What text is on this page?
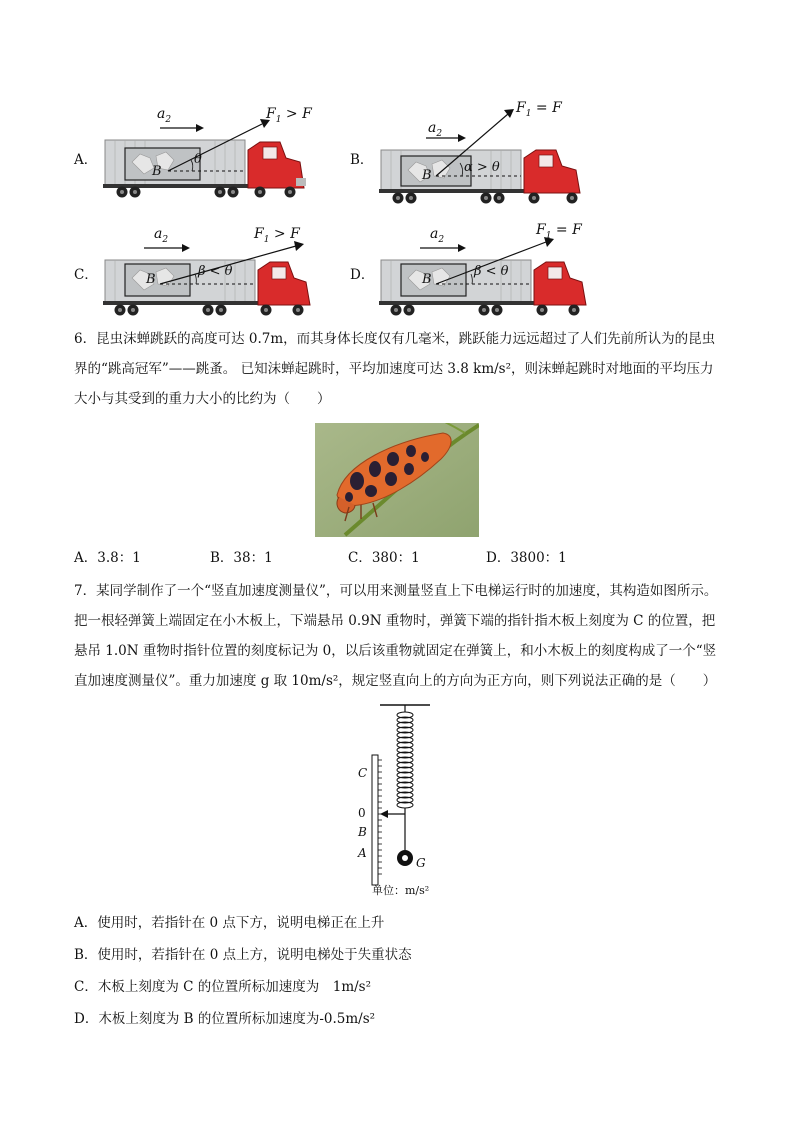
A．
$a_2$	$F_1 > F$
θ
B
B．
$a_2$
$F_1 = F$
α > θ
B
C．
$a_2$	$F_1 > F$
β < θ
B	D．
$a_2$
$F_1 = F$
β < θ
B
6．昆虫沫蝉跳跃的高度可达 0.7m，而其身体长度仅有几毫米，跳跃能力远远超过了人们先前所认为的昆虫
界的“跳高冠军”——跳蚤。 已知沫蝉起跳时，平均加速度可达 3.8 km/s²，则沫蝉起跳时对地面的平均压力
大小与其受到的重力大小的比约为（　　）
A．3.8：1	B．38：1	C．380：1	D．3800：1
7．某同学制作了一个“竖直加速度测量仪”，可以用来测量竖直上下电梯运行时的加速度，其构造如图所示。
把一根轻弹簧上端固定在小木板上，下端悬吊 0.9N 重物时，弹簧下端的指针指木板上刻度为 C 的位置，把
悬吊 1.0N 重物时指针位置的刻度标记为 0，以后该重物就固定在弹簧上，和小木板上的刻度构成了一个“竖
直加速度测量仪”。重力加速度 g 取 10m/s²，规定竖直向上的方向为正方向，则下列说法正确的是（　　）
C
0
B
A
G
单位：m/s²
A．使用时，若指针在 0 点下方，说明电梯正在上升
B．使用时，若指针在 0 点上方，说明电梯处于失重状态
C．木板上刻度为 C 的位置所标加速度为　1m/s²
D．木板上刻度为 B 的位置所标加速度为-0.5m/s²
